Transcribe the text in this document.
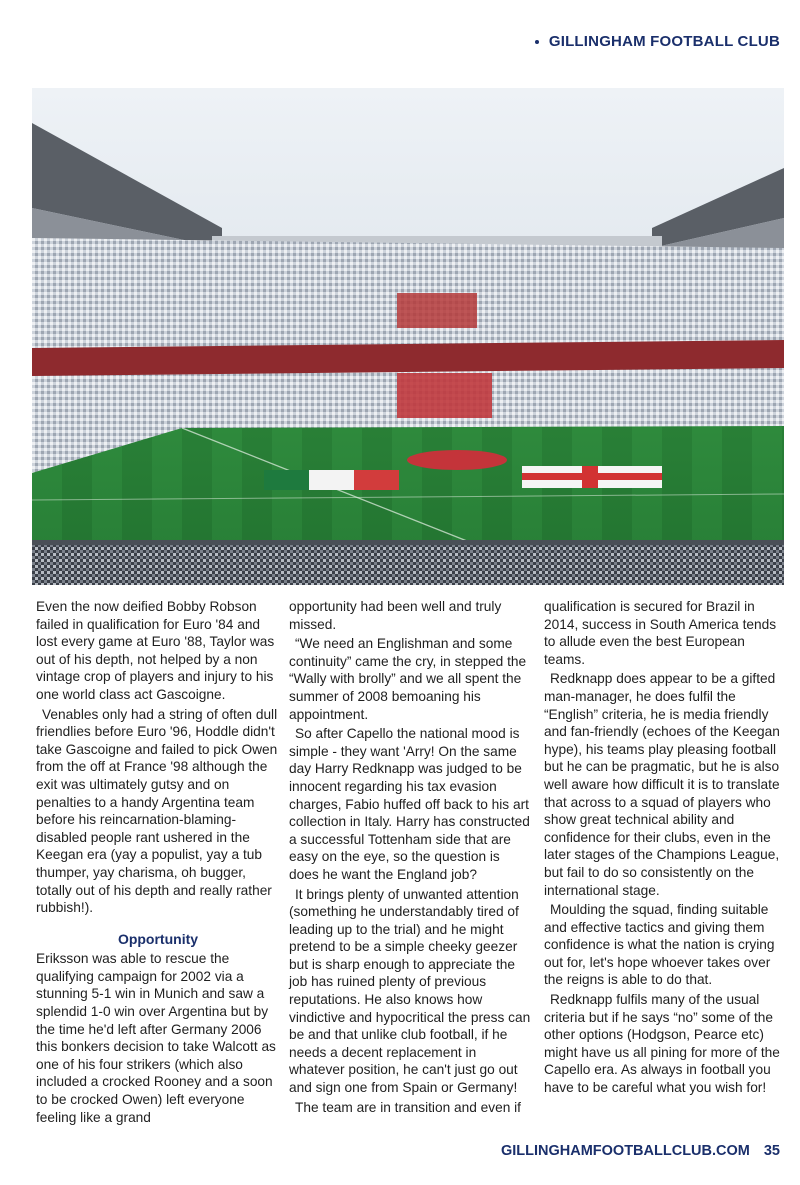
GILLINGHAM FOOTBALL CLUB

Even the now deified Bobby Robson failed in qualification for Euro '84 and lost every game at Euro '88, Taylor was out of his depth, not helped by a non vintage crop of players and injury to his one world class act Gascoigne.

Venables only had a string of often dull friendlies before Euro '96, Hoddle didn't take Gascoigne and failed to pick Owen from the off at France '98 although the exit was ultimately gutsy and on penalties to a handy Argentina team before his reincarnation-blaming-disabled people rant ushered in the Keegan era (yay a populist, yay a tub thumper, yay charisma, oh bugger, totally out of his depth and really rather rubbish!).

Opportunity

Eriksson was able to rescue the qualifying campaign for 2002 via a stunning 5-1 win in Munich and saw a splendid 1-0 win over Argentina but by the time he'd left after Germany 2006 this bonkers decision to take Walcott as one of his four strikers (which also included a crocked Rooney and a soon to be crocked Owen) left everyone feeling like a grand

opportunity had been well and truly missed.

“We need an Englishman and some continuity” came the cry, in stepped the “Wally with brolly” and we all spent the summer of 2008 bemoaning his appointment.

So after Capello the national mood is simple - they want 'Arry! On the same day Harry Redknapp was judged to be innocent regarding his tax evasion charges, Fabio huffed off back to his art collection in Italy. Harry has constructed a successful Tottenham side that are easy on the eye, so the question is does he want the England job?

It brings plenty of unwanted attention (something he understandably tired of leading up to the trial) and he might pretend to be a simple cheeky geezer but is sharp enough to appreciate the job has ruined plenty of previous reputations. He also knows how vindictive and hypocritical the press can be and that unlike club football, if he needs a decent replacement in whatever position, he can't just go out and sign one from Spain or Germany!

The team are in transition and even if

qualification is secured for Brazil in 2014, success in South America tends to allude even the best European teams.

Redknapp does appear to be a gifted man-manager, he does fulfil the “English” criteria, he is media friendly and fan-friendly (echoes of the Keegan hype), his teams play pleasing football but he can be pragmatic, but he is also well aware how difficult it is to translate that across to a squad of players who show great technical ability and confidence for their clubs, even in the later stages of the Champions League, but fail to do so consistently on the international stage.

Moulding the squad, finding suitable and effective tactics and giving them confidence is what the nation is crying out for, let's hope whoever takes over the reigns is able to do that.

Redknapp fulfils many of the usual criteria but if he says “no” some of the other options (Hodgson, Pearce etc) might have us all pining for more of the Capello era. As always in football you have to be careful what you wish for!

GILLINGHAMFOOTBALLCLUB.COM 35
